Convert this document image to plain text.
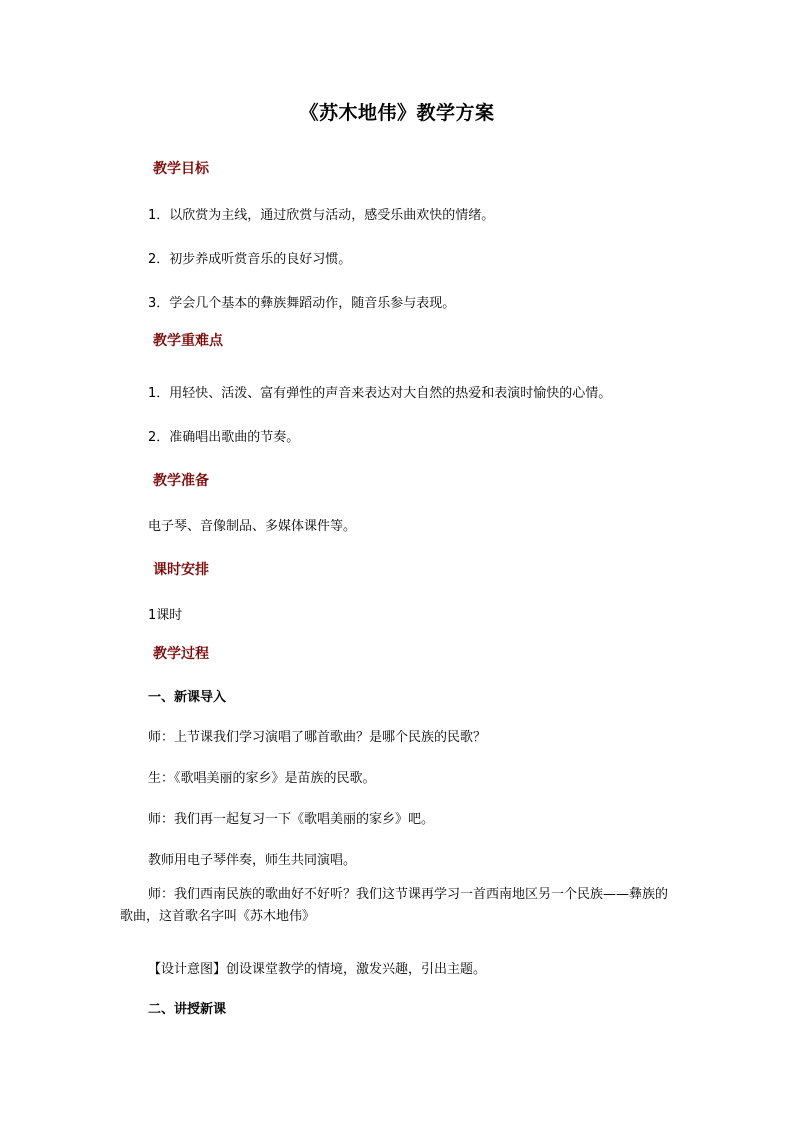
《苏木地伟》教学方案
教学目标
1．以欣赏为主线，通过欣赏与活动，感受乐曲欢快的情绪。
2．初步养成听赏音乐的良好习惯。
3．学会几个基本的彝族舞蹈动作，随音乐参与表现。
教学重难点
1．用轻快、活泼、富有弹性的声音来表达对大自然的热爱和表演时愉快的心情。
2．准确唱出歌曲的节奏。
教学准备
电子琴、音像制品、多媒体课件等。
课时安排
1课时
教学过程
一、新课导入
师：上节课我们学习演唱了哪首歌曲？是哪个民族的民歌？
生：《歌唱美丽的家乡》是苗族的民歌。
师：我们再一起复习一下《歌唱美丽的家乡》吧。
教师用电子琴伴奏，师生共同演唱。
师：我们西南民族的歌曲好不好听？我们这节课再学习一首西南地区另一个民族——彝族的歌曲，这首歌名字叫《苏木地伟》
【设计意图】创设课堂教学的情境，激发兴趣，引出主题。
二、讲授新课
